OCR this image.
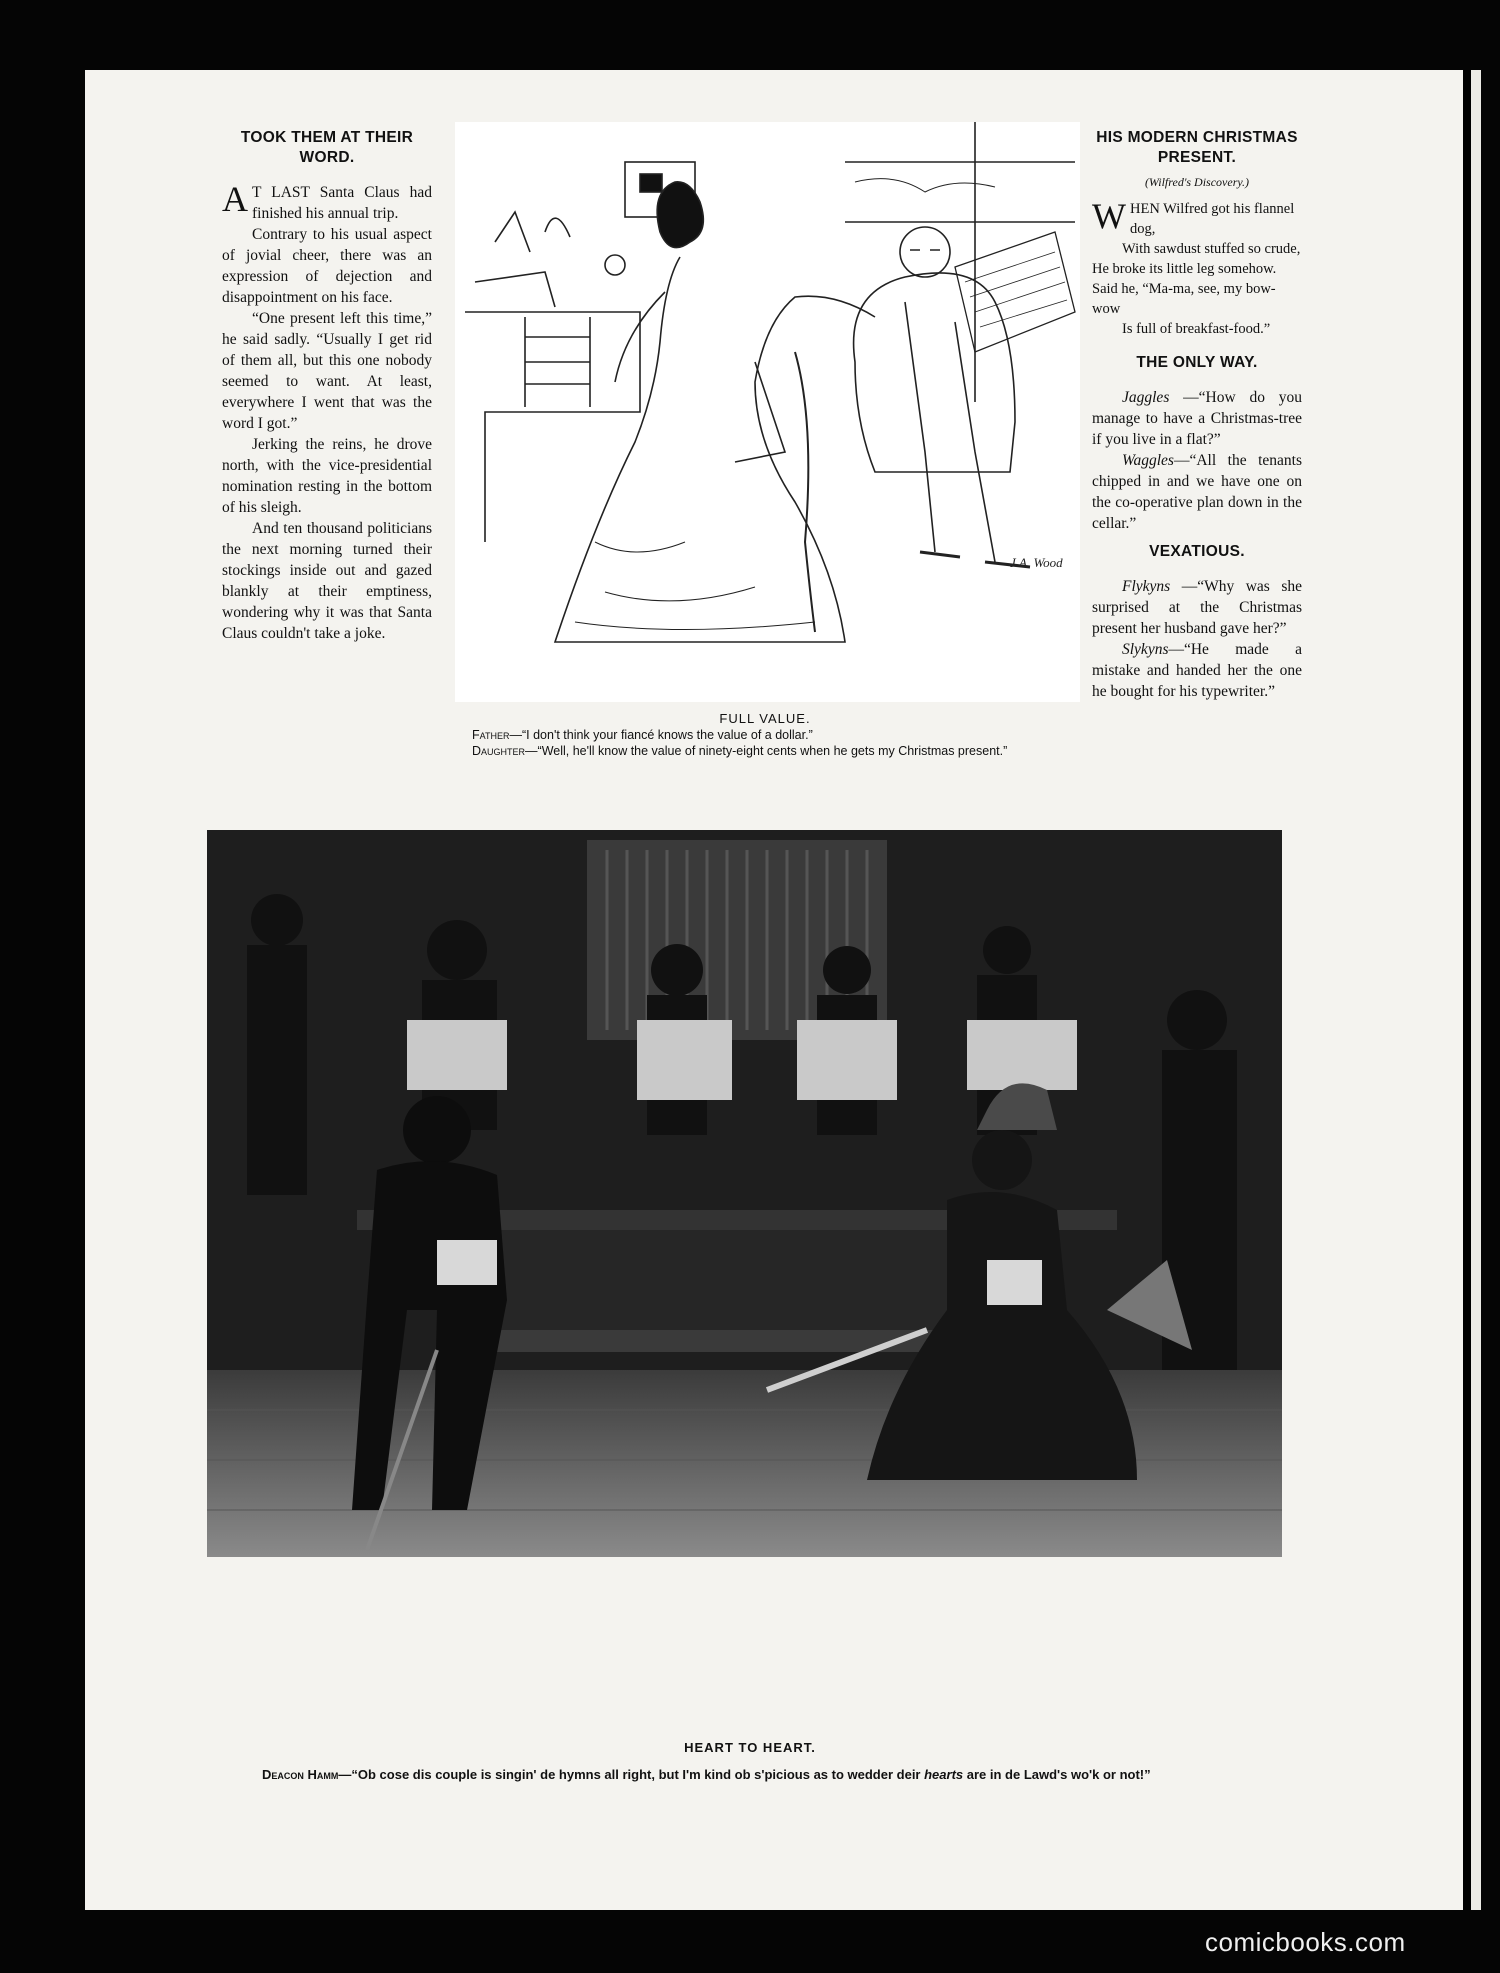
TOOK THEM AT THEIR WORD.

A T LAST Santa Claus had finished his annual trip.

Contrary to his usual aspect of jovial cheer, there was an expression of dejection and disappointment on his face.

“One present left this time,” he said sadly. “Usually I get rid of them all, but this one nobody seemed to want. At least, everywhere I went that was the word I got.”

Jerking the reins, he drove north, with the vice-presidential nomination resting in the bottom of his sleigh.

And ten thousand politicians the next morning turned their stockings inside out and gazed blankly at their emptiness, wondering why it was that Santa Claus couldn't take a joke.

J.A. Wood
FULL VALUE.
Father—“I don't think your fiancé knows the value of a dollar.”
Daughter—“Well, he'll know the value of ninety-eight cents when he gets my Christmas present.”
HIS MODERN CHRISTMAS PRESENT.
(Wilfred's Discovery.)
WHEN Wilfred got his flannel dog,
With sawdust stuffed so crude,
He broke its little leg somehow.
Said he, “Ma-ma, see, my bow-wow
Is full of breakfast-food.”
THE ONLY WAY.

Jaggles —“How do you manage to have a Christmas-tree if you live in a flat?”

Waggles—“All the tenants chipped in and we have one on the co-operative plan down in the cellar.”

VEXATIOUS.

Flykyns —“Why was she surprised at the Christmas present her husband gave her?”

Slykyns—“He made a mistake and handed her the one he bought for his typewriter.”

HEART TO HEART.
Deacon Hamm—“Ob cose dis couple is singin' de hymns all right, but I'm kind ob s'picious as to wedder deir hearts are in de Lawd's wo'k or not!”
comicbooks.com
